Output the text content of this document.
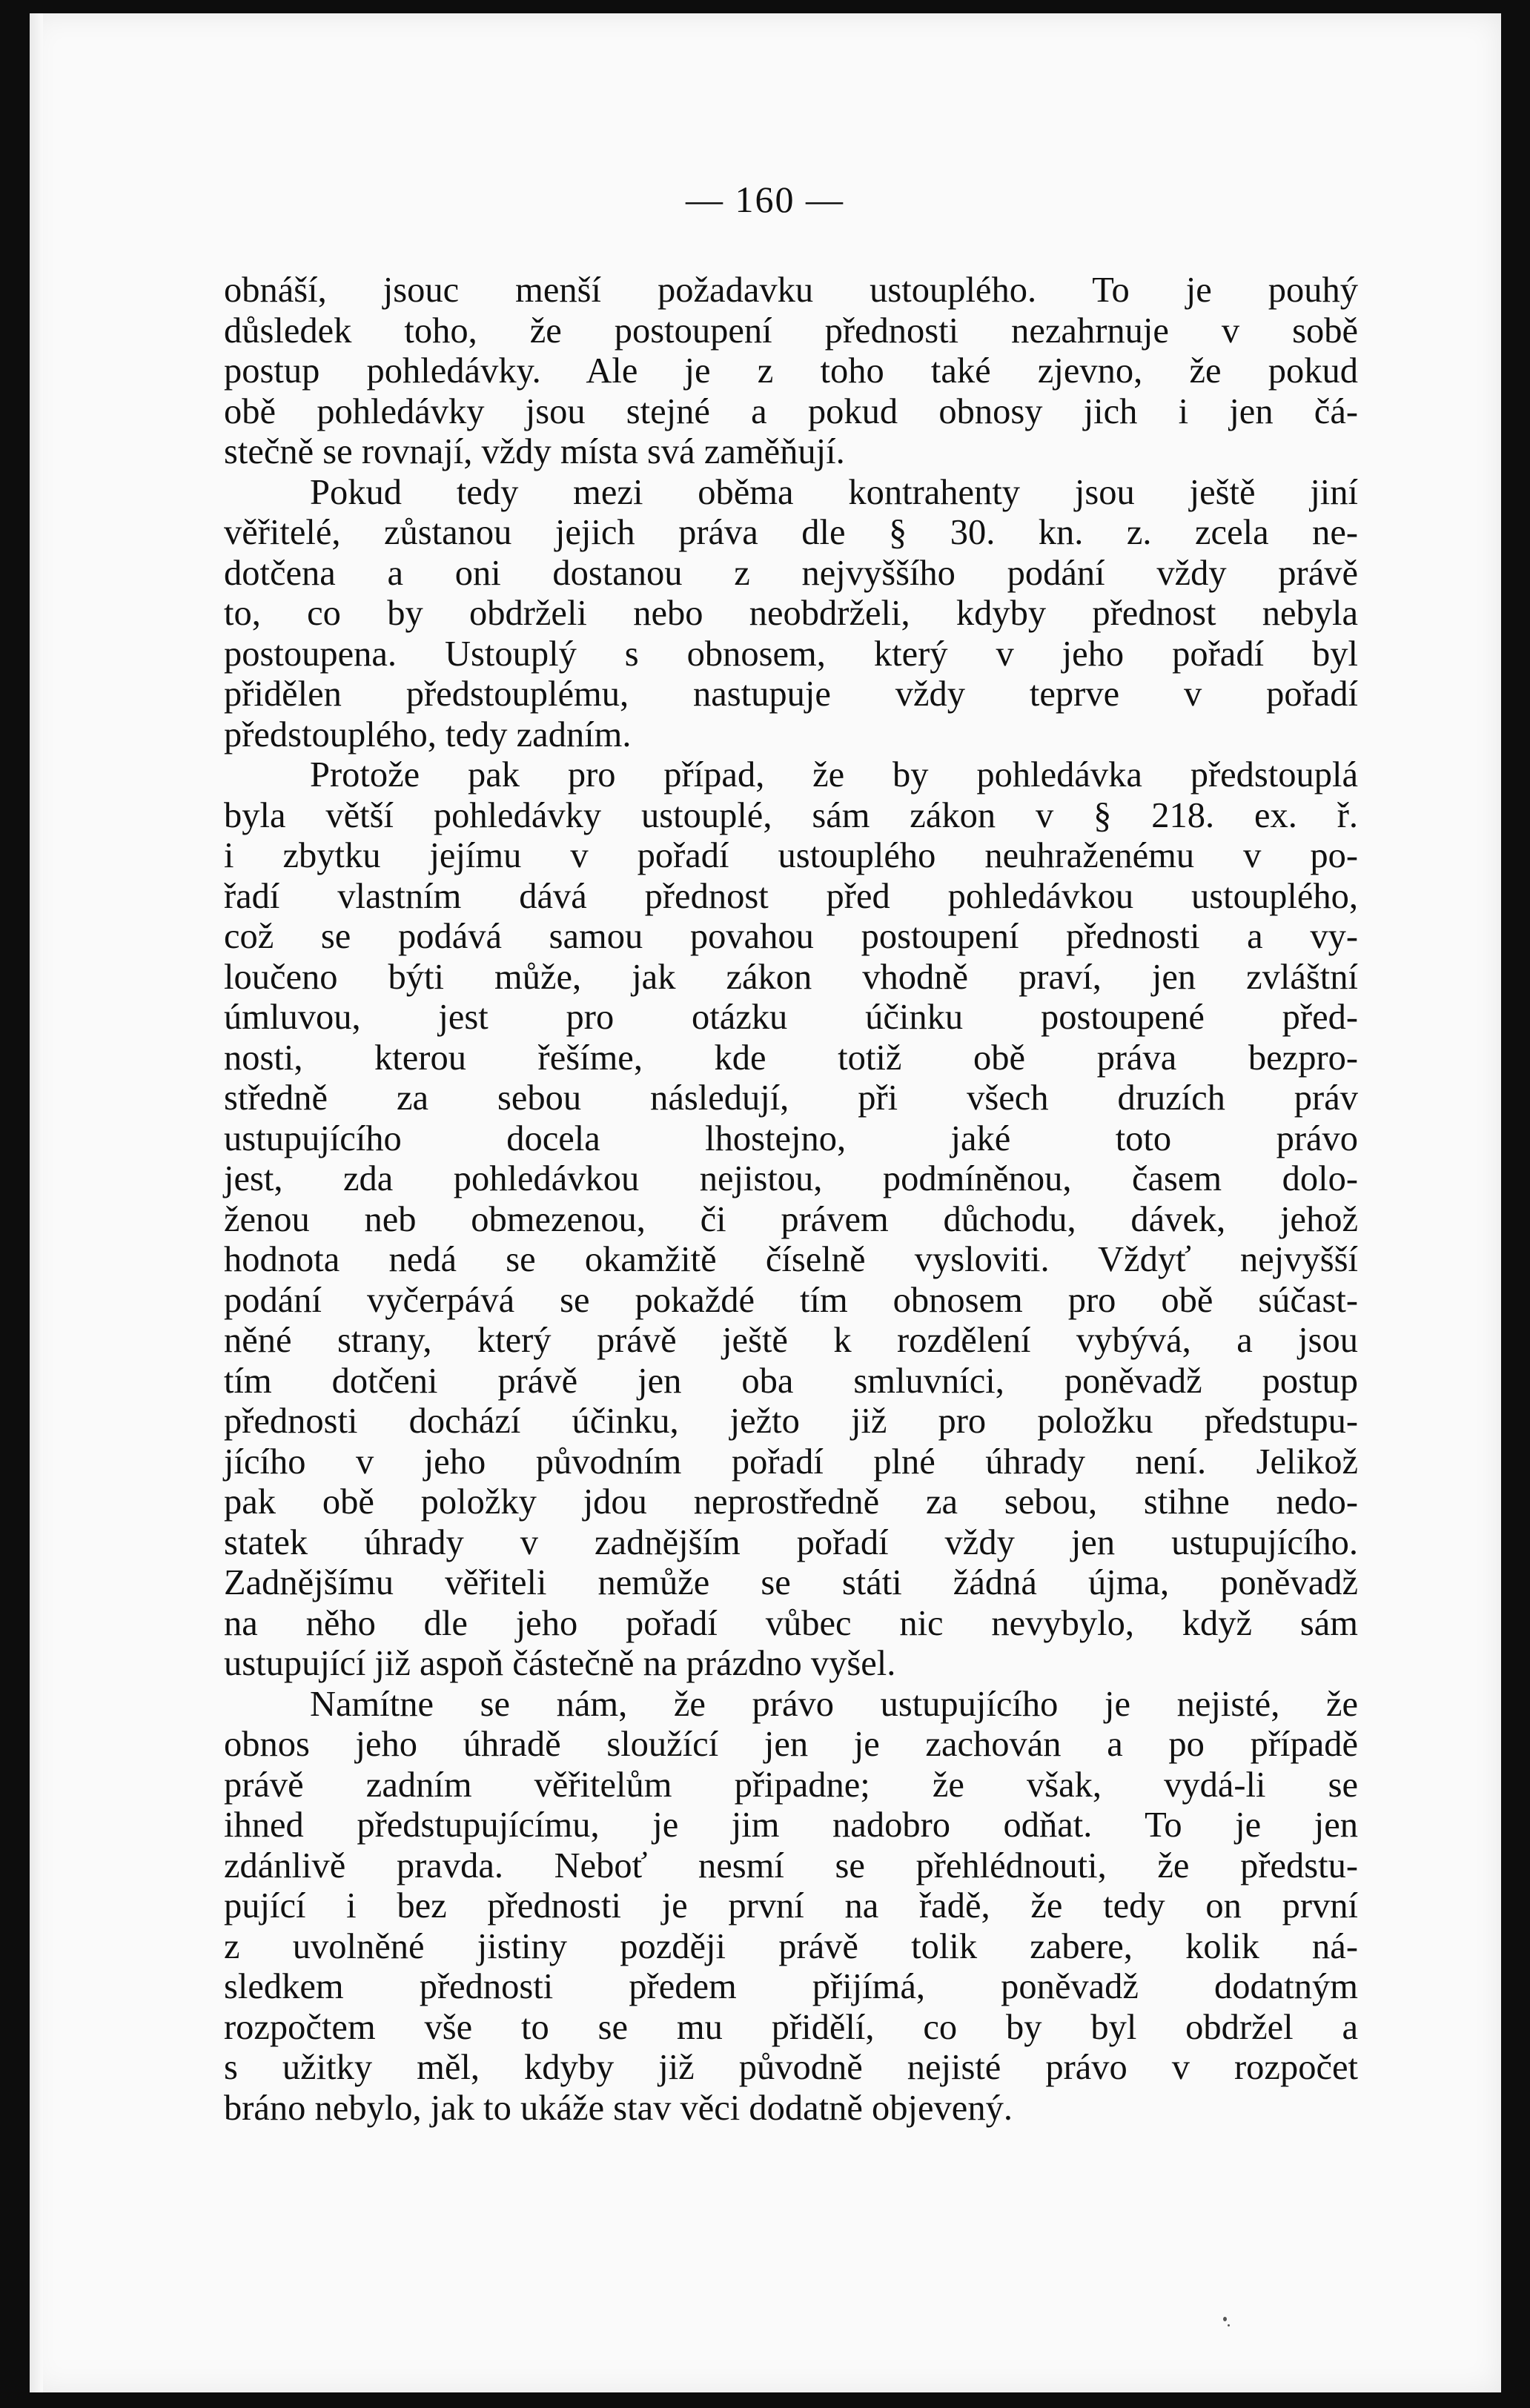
— 160 —
obnáší, jsouc menší požadavku ustouplého. To je pouhý
důsledek toho, že postoupení přednosti nezahrnuje v sobě
postup pohledávky. Ale je z toho také zjevno, že pokud
obě pohledávky jsou stejné a pokud obnosy jich i jen čá-
stečně se rovnají, vždy místa svá zaměňují.
Pokud tedy mezi oběma kontrahenty jsou ještě jiní
věřitelé, zůstanou jejich práva dle § 30. kn. z. zcela ne-
dotčena a oni dostanou z nejvyššího podání vždy právě
to, co by obdrželi nebo neobdrželi, kdyby přednost nebyla
postoupena. Ustouplý s obnosem, který v jeho pořadí byl
přidělen předstouplému, nastupuje vždy teprve v pořadí
předstouplého, tedy zadním.
Protože pak pro případ, že by pohledávka předstouplá
byla větší pohledávky ustouplé, sám zákon v § 218. ex. ř.
i zbytku jejímu v pořadí ustouplého neuhraženému v po-
řadí vlastním dává přednost před pohledávkou ustouplého,
což se podává samou povahou postoupení přednosti a vy-
loučeno býti může, jak zákon vhodně praví, jen zvláštní
úmluvou, jest pro otázku účinku postoupené před-
nosti, kterou řešíme, kde totiž obě práva bezpro-
středně za sebou následují, při všech druzích práv
ustupujícího docela lhostejno, jaké toto právo
jest, zda pohledávkou nejistou, podmíněnou, časem dolo-
ženou neb obmezenou, či právem důchodu, dávek, jehož
hodnota nedá se okamžitě číselně vysloviti. Vždyť nejvyšší
podání vyčerpává se pokaždé tím obnosem pro obě súčast-
něné strany, který právě ještě k rozdělení vybývá, a jsou
tím dotčeni právě jen oba smluvníci, poněvadž postup
přednosti dochází účinku, ježto již pro položku předstupu-
jícího v jeho původním pořadí plné úhrady není. Jelikož
pak obě položky jdou neprostředně za sebou, stihne nedo-
statek úhrady v zadnějším pořadí vždy jen ustupujícího.
Zadnějšímu věřiteli nemůže se státi žádná újma, poněvadž
na něho dle jeho pořadí vůbec nic nevybylo, když sám
ustupující již aspoň částečně na prázdno vyšel.
Namítne se nám, že právo ustupujícího je nejisté, že
obnos jeho úhradě sloužící jen je zachován a po případě
právě zadním věřitelům připadne; že však, vydá-li se
ihned předstupujícímu, je jim nadobro odňat. To je jen
zdánlivě pravda. Neboť nesmí se přehlédnouti, že předstu-
pující i bez přednosti je první na řadě, že tedy on první
z uvolněné jistiny později právě tolik zabere, kolik ná-
sledkem přednosti předem přijímá, poněvadž dodatným
rozpočtem vše to se mu přidělí, co by byl obdržel a
s užitky měl, kdyby již původně nejisté právo v rozpočet
bráno nebylo, jak to ukáže stav věci dodatně objevený.
